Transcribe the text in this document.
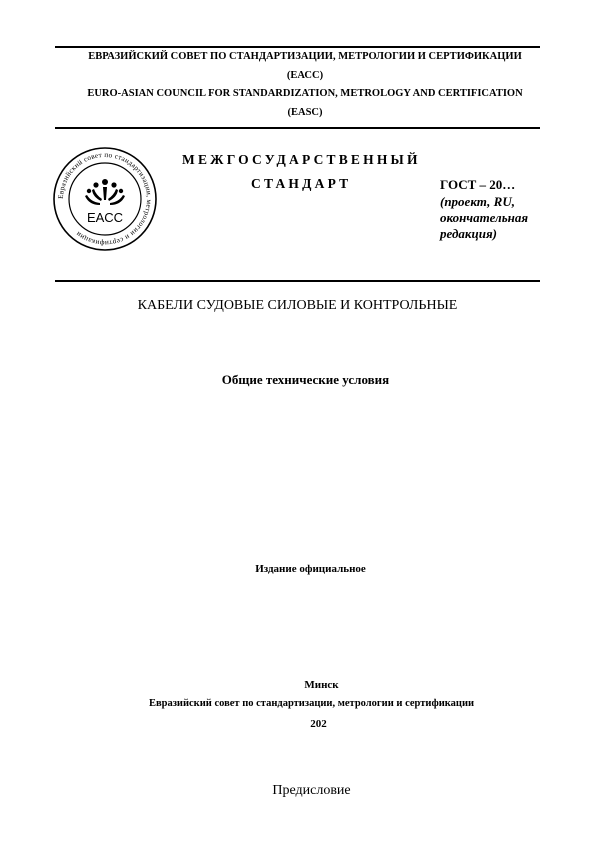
ЕВРАЗИЙСКИЙ СОВЕТ ПО СТАНДАРТИЗАЦИИ, МЕТРОЛОГИИ И СЕРТИФИКАЦИИ
(ЕАСС)
EURO-ASIAN COUNCIL FOR STANDARDIZATION, METROLOGY AND CERTIFICATION
(EASC)
Евразийский совет по стандартизации, метрологии и сертификации
EACC
МЕЖГОСУДАРСТВЕННЫЙ
СТАНДАРТ	ГОСТ – 20…
(проект, RU,
окончательная
редакция)
КАБЕЛИ СУДОВЫЕ СИЛОВЫЕ И КОНТРОЛЬНЫЕ
Общие технические условия
Издание официальное
Минск
Евразийский совет по стандартизации, метрологии и сертификации
202
Предисловие
